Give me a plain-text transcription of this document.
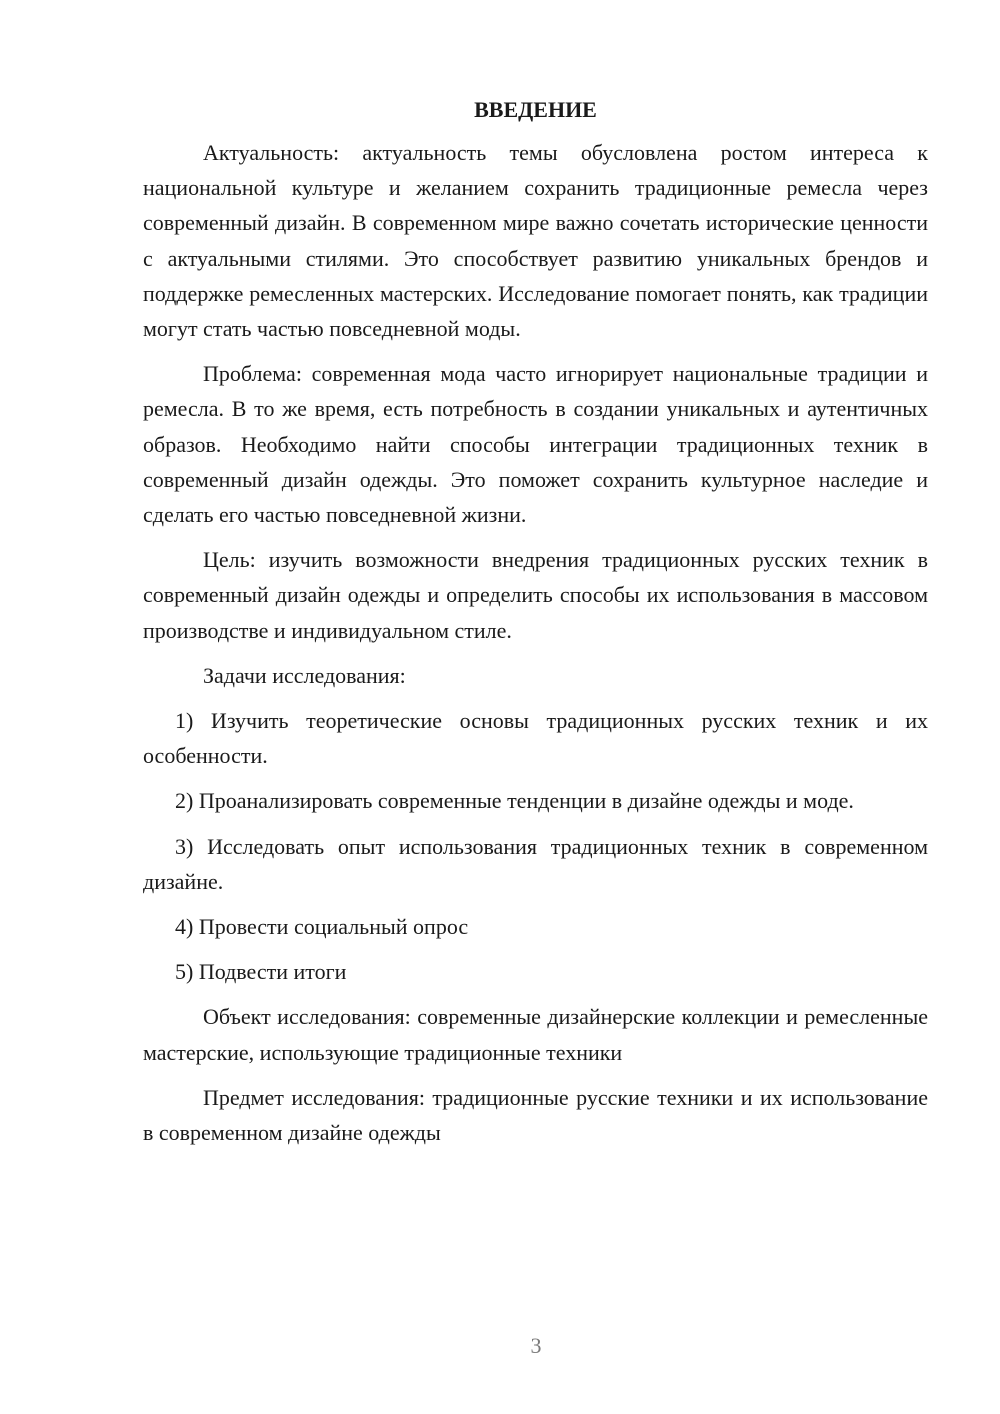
ВВЕДЕНИЕ

Актуальность: актуальность темы обусловлена ростом интереса к национальной культуре и желанием сохранить традиционные ремесла через современный дизайн. В современном мире важно сочетать исторические ценности с актуальными стилями. Это способствует развитию уникальных брендов и поддержке ремесленных мастерских. Исследование помогает понять, как традиции могут стать частью повседневной моды.

Проблема: современная мода часто игнорирует национальные традиции и ремесла. В то же время, есть потребность в создании уникальных и аутентичных образов. Необходимо найти способы интеграции традиционных техник в современный дизайн одежды. Это поможет сохранить культурное наследие и сделать его частью повседневной жизни.

Цель: изучить возможности внедрения традиционных русских техник в современный дизайн одежды и определить способы их использования в массовом производстве и индивидуальном стиле.

Задачи исследования:

1) Изучить теоретические основы традиционных русских техник и их особенности.

2) Проанализировать современные тенденции в дизайне одежды и моде.

3) Исследовать опыт использования традиционных техник в современном дизайне.

4) Провести социальный опрос

5) Подвести итоги

Объект исследования: современные дизайнерские коллекции и ремесленные мастерские, использующие традиционные техники

Предмет исследования: традиционные русские техники и их использование в современном дизайне одежды

3
